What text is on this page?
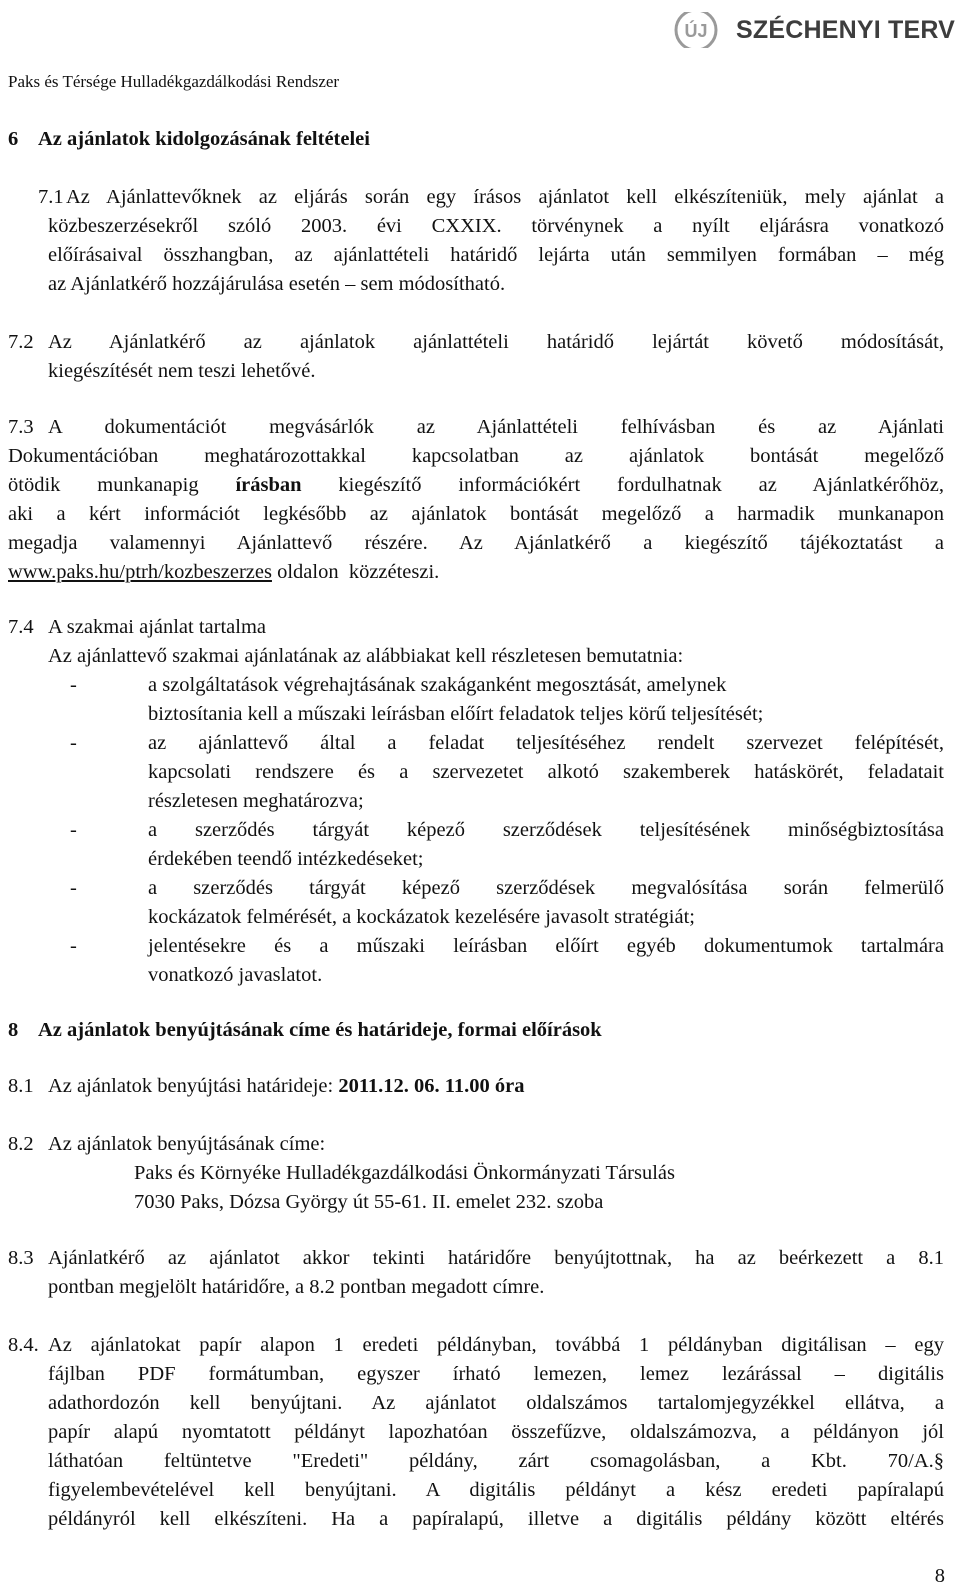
ÚJ SZÉCHENYI TERV
Paks és Térsége Hulladékgazdálkodási Rendszer
6 Az ajánlatok kidolgozásának feltételei
7.1 Az Ajánlattevőknek az eljárás során egy írásos ajánlatot kell elkészíteniük, mely ajánlat a
közbeszerzésekről szóló 2003. évi CXXIX. törvénynek a nyílt eljárásra vonatkozó
előírásaival összhangban, az ajánlattételi határidő lejárta után semmilyen formában – még
az Ajánlatkérő hozzájárulása esetén – sem módosítható.
7.2 Az Ajánlatkérő az ajánlatok ajánlattételi határidő lejártát követő módosítását,
kiegészítését nem teszi lehetővé.
7.3 A dokumentációt megvásárlók az Ajánlattételi felhívásban és az Ajánlati
Dokumentációban meghatározottakkal kapcsolatban az ajánlatok bontását megelőző
ötödik munkanapig írásban kiegészítő információkért fordulhatnak az Ajánlatkérőhöz,
aki a kért információt legkésőbb az ajánlatok bontását megelőző a harmadik munkanapon
megadja valamennyi Ajánlattevő részére. Az Ajánlatkérő a kiegészítő tájékoztatást a
www.paks.hu/ptrh/kozbeszerzes oldalon  közzéteszi.
7.4 A szakmai ajánlat tartalma
Az ajánlattevő szakmai ajánlatának az alábbiakat kell részletesen bemutatnia:
-	a szolgáltatások végrehajtásának szakáganként megosztását, amelynek
biztosítania kell a műszaki leírásban előírt feladatok teljes körű teljesítését;
-	az ajánlattevő által a feladat teljesítéséhez rendelt szervezet felépítését,
kapcsolati rendszere és a szervezetet alkotó szakemberek hatáskörét, feladatait
részletesen meghatározva;
-	a szerződés tárgyát képező szerződések teljesítésének minőségbiztosítása
érdekében teendő intézkedéseket;
-	a szerződés tárgyát képező szerződések megvalósítása során felmerülő
kockázatok felmérését, a kockázatok kezelésére javasolt stratégiát;
-	jelentésekre és a műszaki leírásban előírt egyéb dokumentumok tartalmára
vonatkozó javaslatot.
8 Az ajánlatok benyújtásának címe és határideje, formai előírások
8.1 Az ajánlatok benyújtási határideje: 2011.12. 06. 11.00 óra
8.2 Az ajánlatok benyújtásának címe:
Paks és Környéke Hulladékgazdálkodási Önkormányzati Társulás
7030 Paks, Dózsa György út 55-61. II. emelet 232. szoba
8.3 Ajánlatkérő az ajánlatot akkor tekinti határidőre benyújtottnak, ha az beérkezett a 8.1
pontban megjelölt határidőre, a 8.2 pontban megadott címre.
8.4. Az ajánlatokat papír alapon 1 eredeti példányban, továbbá 1 példányban digitálisan – egy
fájlban PDF formátumban, egyszer írható lemezen, lemez lezárással – digitális
adathordozón kell benyújtani. Az ajánlatot oldalszámos tartalomjegyzékkel ellátva, a
papír alapú nyomtatott példányt lapozhatóan összefűzve, oldalszámozva, a példányon jól
láthatóan feltüntetve "Eredeti" példány, zárt csomagolásban, a Kbt. 70/A.§
figyelembevételével kell benyújtani. A digitális példányt a kész eredeti papíralapú
példányról kell elkészíteni. Ha a papíralapú, illetve a digitális példány között eltérés
8
